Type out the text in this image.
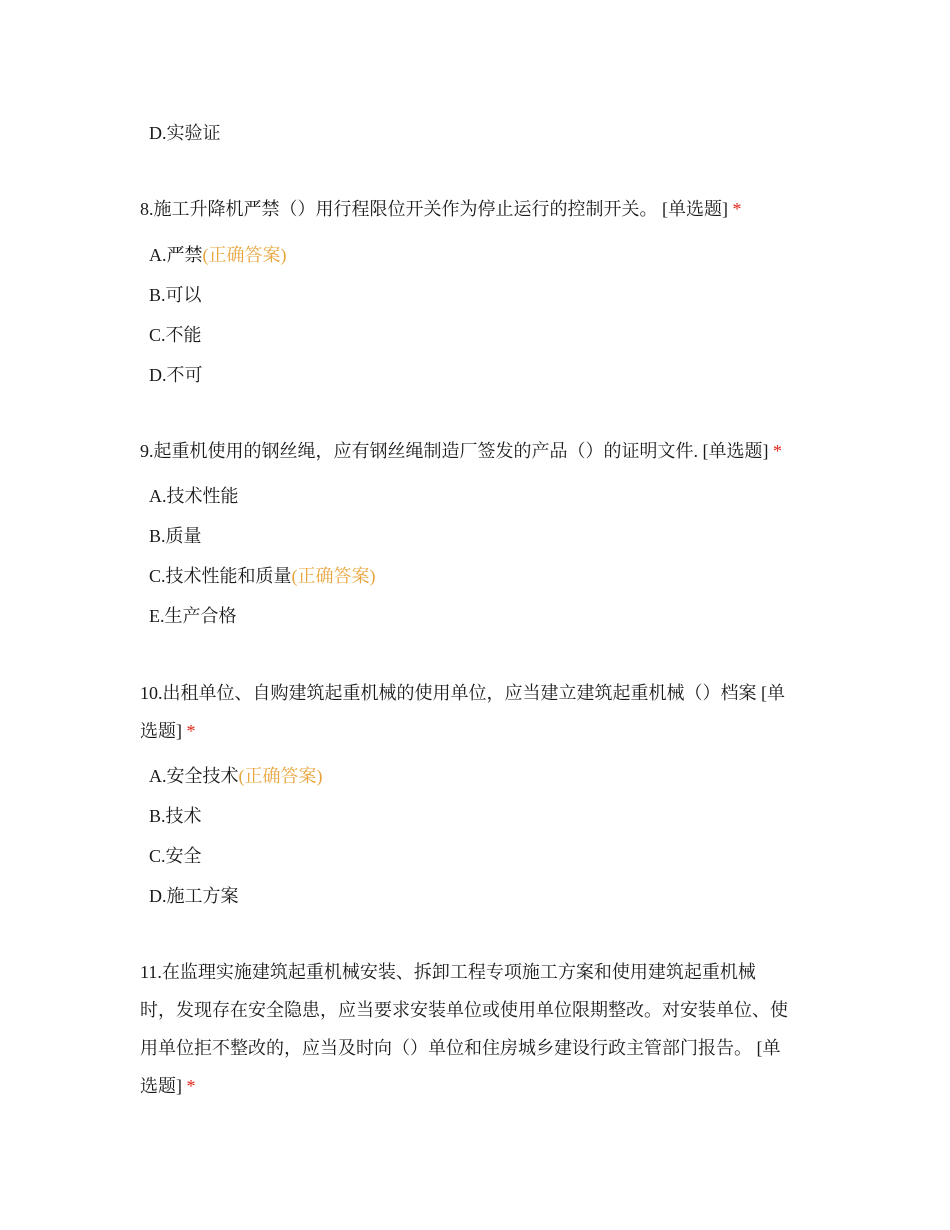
D.实验证
8.施工升降机严禁（）用行程限位开关作为停止运行的控制开关。 [单选题] *
A.严禁(正确答案)
B.可以
C.不能
D.不可
9.起重机使用的钢丝绳，应有钢丝绳制造厂签发的产品（）的证明文件. [单选题] *
A.技术性能
B.质量
C.技术性能和质量(正确答案)
E.生产合格
10.出租单位、自购建筑起重机械的使用单位，应当建立建筑起重机械（）档案 [单
选题] *
A.安全技术(正确答案)
B.技术
C.安全
D.施工方案
11.在监理实施建筑起重机械安装、拆卸工程专项施工方案和使用建筑起重机械
时，发现存在安全隐患，应当要求安装单位或使用单位限期整改。对安装单位、使
用单位拒不整改的，应当及时向（）单位和住房城乡建设行政主管部门报告。 [单
选题] *
